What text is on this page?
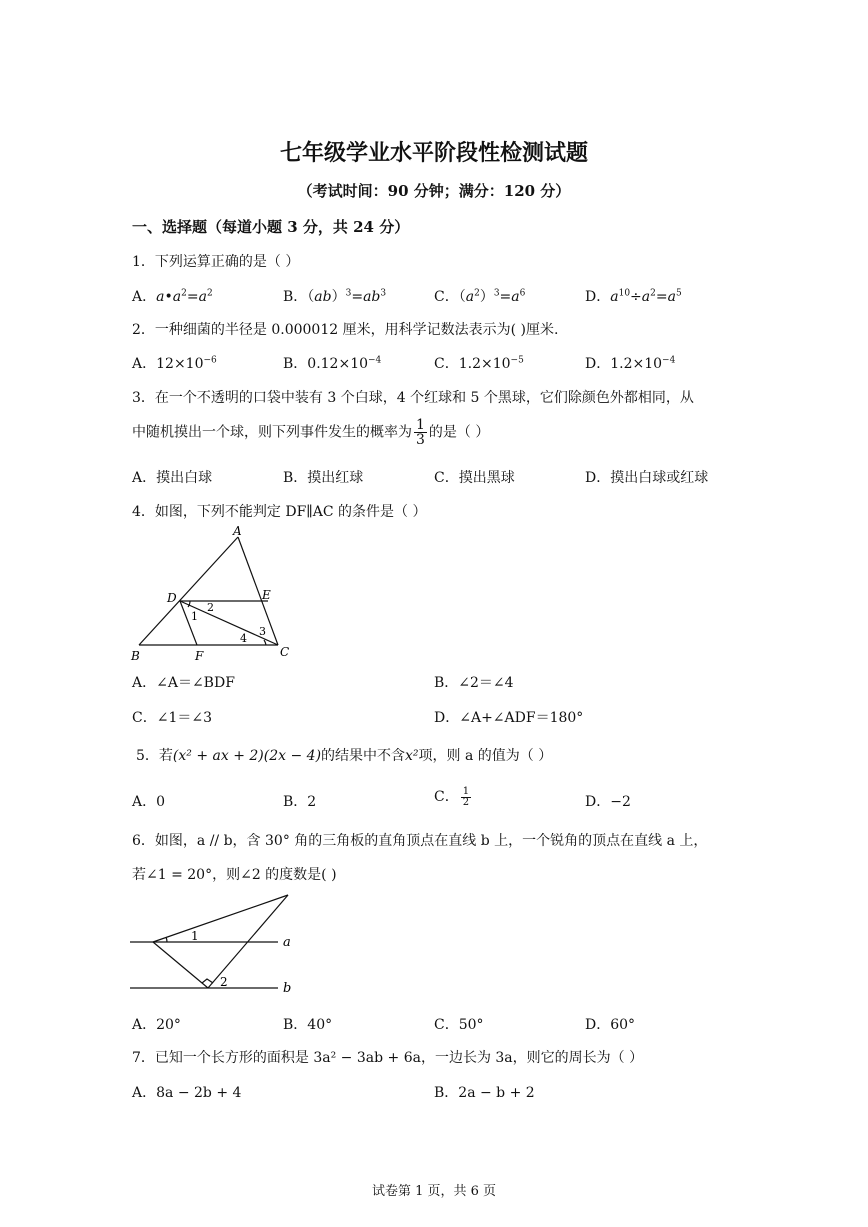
七年级学业水平阶段性检测试题
（考试时间：90 分钟；满分：120 分）
一、选择题（每道小题 3 分，共 24 分）
1．下列运算正确的是（ ）
A．$a•a^2=a^2$	B．$(ab)^3=ab^3$	C．$(a^2)^3=a^6$	D．$a^{10}\div a^2=a^5$
2．一种细菌的半径是 0.000012 厘米，用科学记数法表示为( )厘米.
A．$12\times 10^{-6}$	B．$0.12\times 10^{-4}$	C．$1.2\times 10^{-5}$	D．$1.2\times 10^{-4}$
3．在一个不透明的口袋中装有 3 个白球，4 个红球和 5 个黑球，它们除颜色外都相同，从
中随机摸出一个球，则下列事件发生的概率为 $\frac{1}{3}$ 的是（ ）
A．摸出白球	B．摸出红球	C．摸出黑球	D．摸出白球或红球
4．如图，下列不能判定 DF∥AC 的条件是（ ）
A
B	C
D	E
F
1
2
3
4
A．∠A＝∠BDF	B．∠2＝∠4
C．∠1＝∠3	D．∠A+∠ADF＝180°
5．若(x² + ax + 2)(2x − 4)的结果中不含x²项，则 a 的值为（ ）
A．0	B．2	C． $\frac{1}{2}$	D．−2
6．如图，a // b，含 30° 角的三角板的直角顶点在直线 b 上，一个锐角的顶点在直线 a 上，
若∠1 = 20°，则∠2 的度数是( )
a
b
1
2
A．20°	B．40°	C．50°	D．60°
7．已知一个长方形的面积是 3a² − 3ab + 6a，一边长为 3a，则它的周长为（ ）
A．8a − 2b + 4	B．2a − b + 2
试卷第 1 页，共 6 页
